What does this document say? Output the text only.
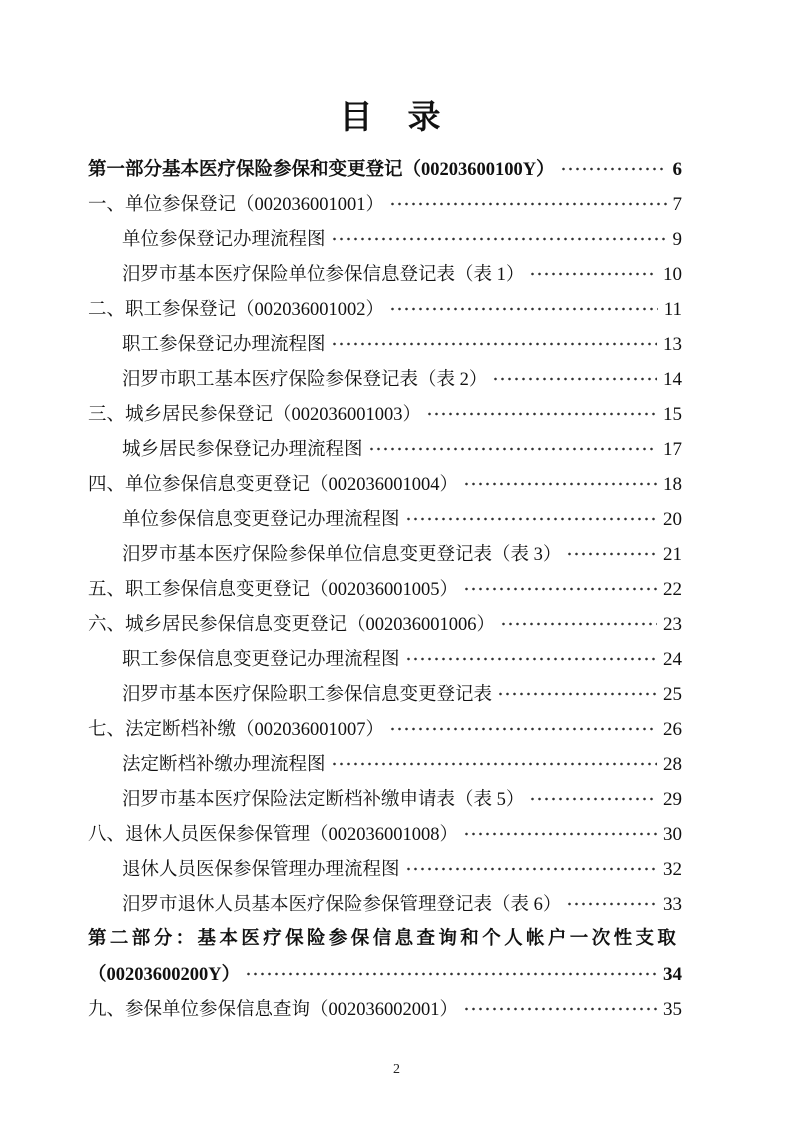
目　录
第一部分基本医疗保险参保和变更登记（00203600100Y）	6
一、单位参保登记（002036001001）	7
单位参保登记办理流程图	9
汨罗市基本医疗保险单位参保信息登记表（表 1）	10
二、职工参保登记（002036001002）	11
职工参保登记办理流程图	13
汨罗市职工基本医疗保险参保登记表（表 2）	14
三、城乡居民参保登记（002036001003）	15
城乡居民参保登记办理流程图	17
四、单位参保信息变更登记（002036001004）	18
单位参保信息变更登记办理流程图	20
汨罗市基本医疗保险参保单位信息变更登记表（表 3）	21
五、职工参保信息变更登记（002036001005）	22
六、城乡居民参保信息变更登记（002036001006）	23
职工参保信息变更登记办理流程图	24
汨罗市基本医疗保险职工参保信息变更登记表	25
七、法定断档补缴（002036001007）	26
法定断档补缴办理流程图	28
汨罗市基本医疗保险法定断档补缴申请表（表 5）	29
八、退休人员医保参保管理（002036001008）	30
退休人员医保参保管理办理流程图	32
汨罗市退休人员基本医疗保险参保管理登记表（表 6）	33
第二部分：基本医疗保险参保信息查询和个人帐户一次性支取
（00203600200Y）	34
九、参保单位参保信息查询（002036002001）	35
2
